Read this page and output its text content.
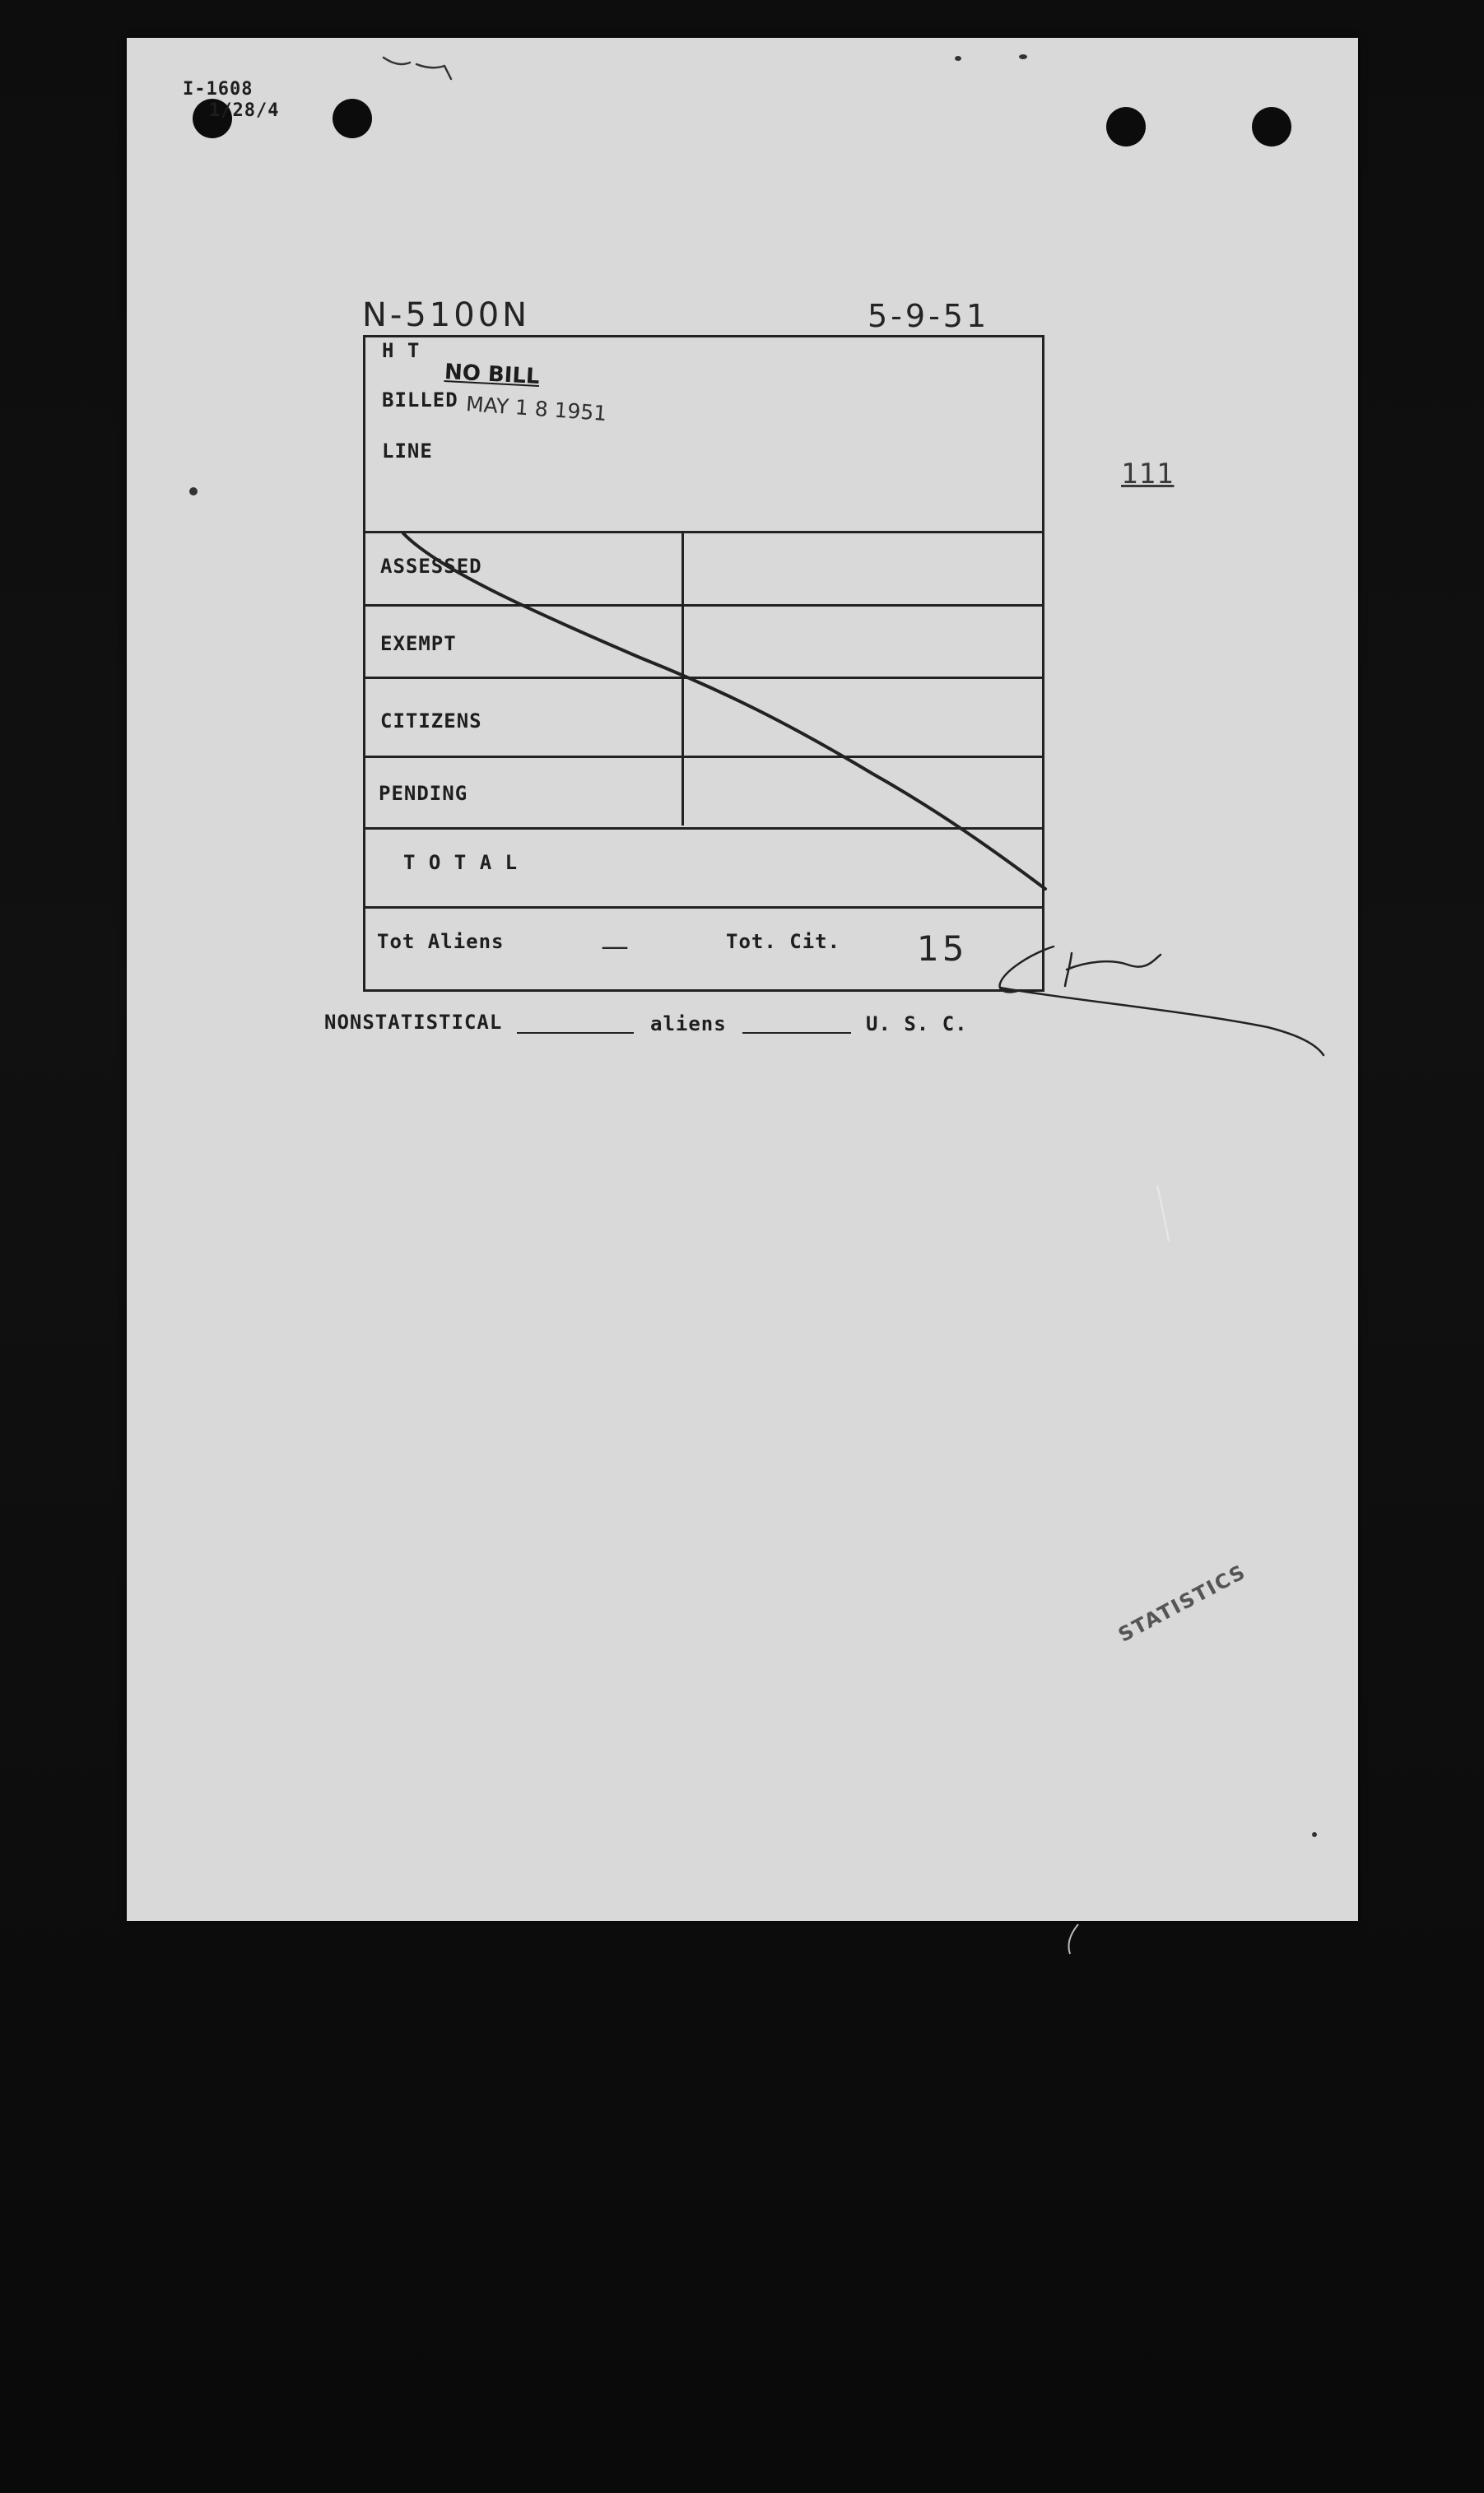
I-1608
1/28/4
N-5100N	5-9-51
111
H T
BILLED
LINE
NO BILL
MAY 1 8 1951
ASSESSED
EXEMPT
CITIZENS
PENDING
T O T A L
Tot Aliens	—	Tot. Cit. 15
NONSTATISTICAL	aliens	U. S. C.
STATISTICS
